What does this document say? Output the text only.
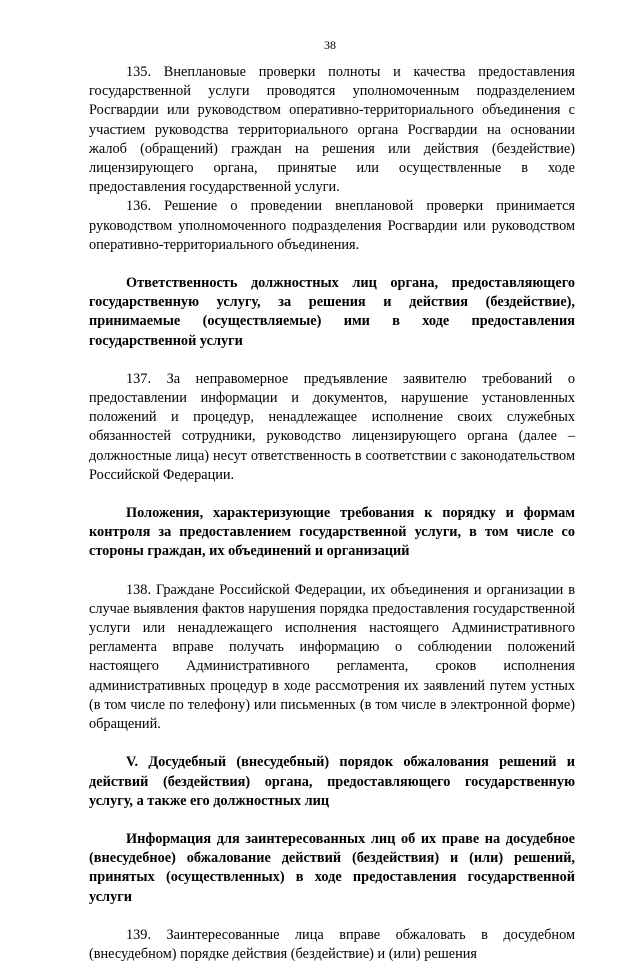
38

135. Внеплановые проверки полноты и качества предоставления государственной услуги проводятся уполномоченным подразделением Росгвардии или руководством оперативно-территориального объединения с участием руководства территориального органа Росгвардии на основании жалоб (обращений) граждан на решения или действия (бездействие) лицензирующего органа, принятые или осуществленные в ходе предоставления государственной услуги.

136. Решение о проведении внеплановой проверки принимается руководством уполномоченного подразделения Росгвардии или руководством оперативно-территориального объединения.

Ответственность должностных лиц органа, предоставляющего государственную услугу, за решения и действия (бездействие), принимаемые (осуществляемые) ими в ходе предоставления государственной услуги

137. За неправомерное предъявление заявителю требований о предоставлении информации и документов, нарушение установленных положений и процедур, ненадлежащее исполнение своих служебных обязанностей сотрудники, руководство лицензирующего органа (далее – должностные лица) несут ответственность в соответствии с законодательством Российской Федерации.

Положения, характеризующие требования к порядку и формам контроля за предоставлением государственной услуги, в том числе со стороны граждан, их объединений и организаций

138. Граждане Российской Федерации, их объединения и организации в случае выявления фактов нарушения порядка предоставления государственной услуги или ненадлежащего исполнения настоящего Административного регламента вправе получать информацию о соблюдении положений настоящего Административного регламента, сроков исполнения административных процедур в ходе рассмотрения их заявлений путем устных (в том числе по телефону) или письменных (в том числе в электронной форме) обращений.

V. Досудебный (внесудебный) порядок обжалования решений и действий (бездействия) органа, предоставляющего государственную услугу, а также его должностных лиц

Информация для заинтересованных лиц об их праве на досудебное (внесудебное) обжалование действий (бездействия) и (или) решений, принятых (осуществленных) в ходе предоставления государственной услуги

139. Заинтересованные лица вправе обжаловать в досудебном (внесудебном) порядке действия (бездействие) и (или) решения
